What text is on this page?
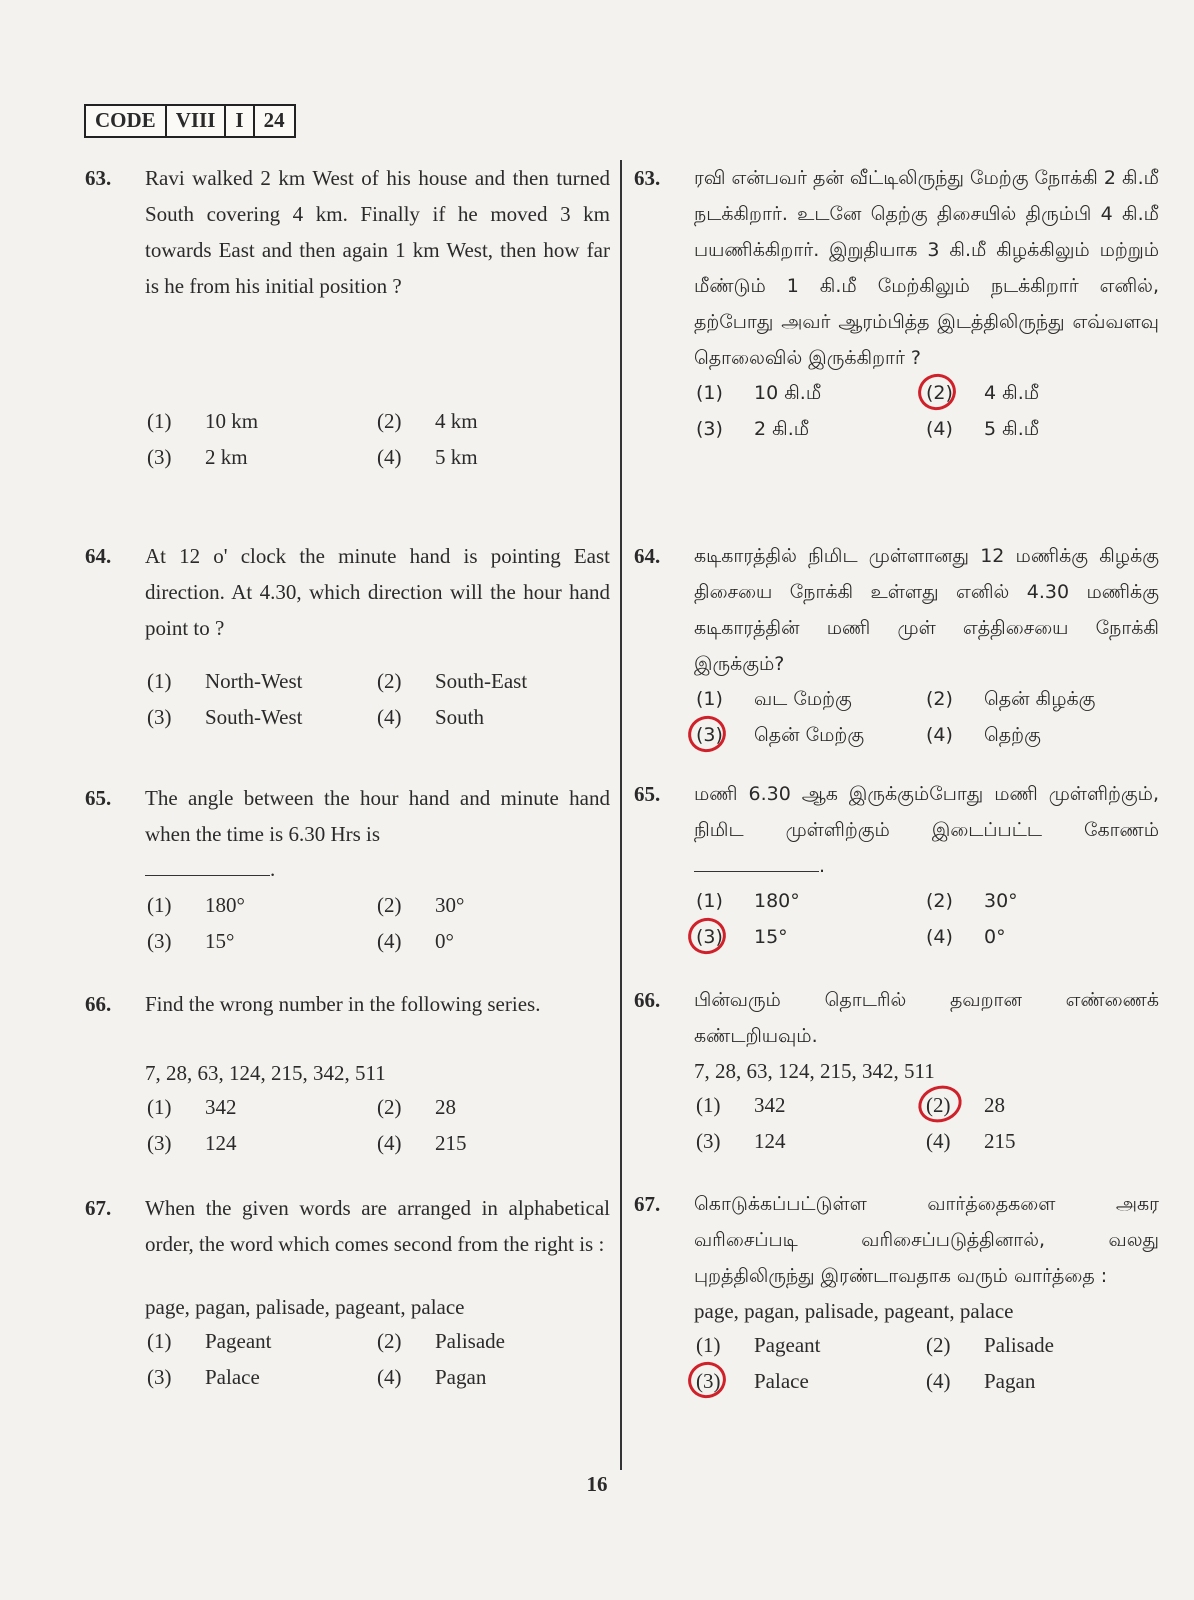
CODE VIII I 24
63. Ravi walked 2 km West of his house and then turned South covering 4 km. Finally if he moved 3 km towards East and then again 1 km West, then how far is he from his initial position ?
(1)	10 km	(2)	4 km
(3)	2 km	(4)	5 km
64. At 12 o' clock the minute hand is pointing East direction. At 4.30, which direction will the hour hand point to ?
(1)	North-West	(2)	South-East
(3)	South-West	(4)	South
65. The angle between the hour hand and minute hand when the time is 6.30 Hrs is
.
(1)	180°	(2)	30°
(3)	15°	(4)	0°
66. Find the wrong number in the following series.
7, 28, 63, 124, 215, 342, 511
(1)	342	(2)	28
(3)	124	(4)	215
67. When the given words are arranged in alphabetical order, the word which comes second from the right is :
page, pagan, palisade, pageant, palace
(1)	Pageant	(2)	Palisade
(3)	Palace	(4)	Pagan
63. ரவி என்பவர் தன் வீட்டிலிருந்து மேற்கு நோக்கி 2 கி.மீ நடக்கிறார். உடனே தெற்கு திசையில் திரும்பி 4 கி.மீ பயணிக்கிறார். இறுதியாக 3 கி.மீ கிழக்கிலும் மற்றும் மீண்டும் 1 கி.மீ மேற்கிலும் நடக்கிறார் எனில், தற்போது அவர் ஆரம்பித்த இடத்திலிருந்து எவ்வளவு தொலைவில் இருக்கிறார் ?
(1)	10 கி.மீ	(2)	4 கி.மீ
(3)	2 கி.மீ	(4)	5 கி.மீ
64. கடிகாரத்தில் நிமிட முள்ளானது 12 மணிக்கு கிழக்கு திசையை நோக்கி உள்ளது எனில் 4.30 மணிக்கு கடிகாரத்தின் மணி முள் எத்திசையை நோக்கி இருக்கும்?
(1)	வட மேற்கு	(2)	தென் கிழக்கு
(3)	தென் மேற்கு	(4)	தெற்கு
65. மணி 6.30 ஆக இருக்கும்போது மணி முள்ளிற்கும், நிமிட முள்ளிற்கும் இடைப்பட்ட கோணம் .
(1)	180°	(2)	30°
(3)	15°	(4)	0°
66. பின்வரும் தொடரில் தவறான எண்ணைக் கண்டறியவும்.
7, 28, 63, 124, 215, 342, 511
(1)	342	(2)	28
(3)	124	(4)	215
67. கொடுக்கப்பட்டுள்ள வார்த்தைகளை அகர வரிசைப்படி வரிசைப்படுத்தினால், வலது புறத்திலிருந்து இரண்டாவதாக வரும் வார்த்தை :
page, pagan, palisade, pageant, palace
(1)	Pageant	(2)	Palisade
(3)	Palace	(4)	Pagan
16
